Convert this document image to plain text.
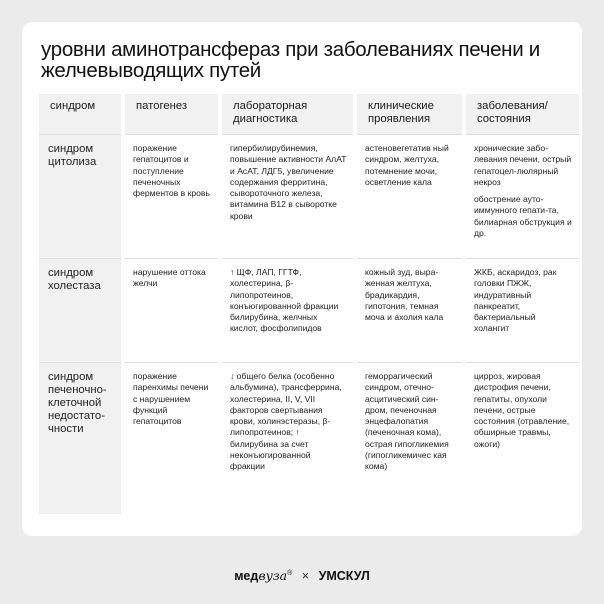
уровни аминотрансфераз при заболеваниях печени и желчевыводящих путей
синдром	патогенез	лабораторная диагностика
клинические проявления
заболевания/ состояния
синдром цитолиза
поражение гепатоцитов и поступление печеночных ферментов в кровь
гипербилирубинемия, повышение активности АлАТ и АсАТ, ЛДГ5, увеличение содержания ферритина, сывороточного железа, витамина В12 в сыворотке крови
астеновегетатив ный синдром, желтуха, потемнение мочи, осветление кала

хронические забо-левания печени, острый гепатоцел-люлярный некроз

обострение ауто-иммунного гепати-та, билиарная обструкция и др.

синдром холестаза
нарушение оттока желчи
↑ ЩФ, ЛАП, ГГТФ, холестерина, β-липопротеинов, конъюгированной фракции билирубина, желчных кислот, фосфолипидов
кожный зуд, выра-женная желтуха, брадикардия, гипотония, темная моча и ахолия кала

ЖКБ, аскаридоз, рак головки ПЖЖ, индуративный панкреатит, бактериальный холангит

синдром печеночно-клеточной недостато-чности
поражение паренхимы печени с нарушением функций гепатоцитов
↓ общего белка (особенно альбумина), трансферрина, холестерина, II, V, VII факторов свертывания крови, холинэстеразы, β-липопротеинов; ↑ билирубина за счет неконъюгированной фракции
геморрагический синдром, отечно-асцитический син-дром, печеночная энцефалопатия (печеночная кома), острая гипогликемия (гипогликемичес кая кома)

цирроз, жировая дистрофия печени, гепатиты, опухоли печени, острые состояния (отравление, обширные травмы, ожоги)

медвуза® × УМСКУЛ
